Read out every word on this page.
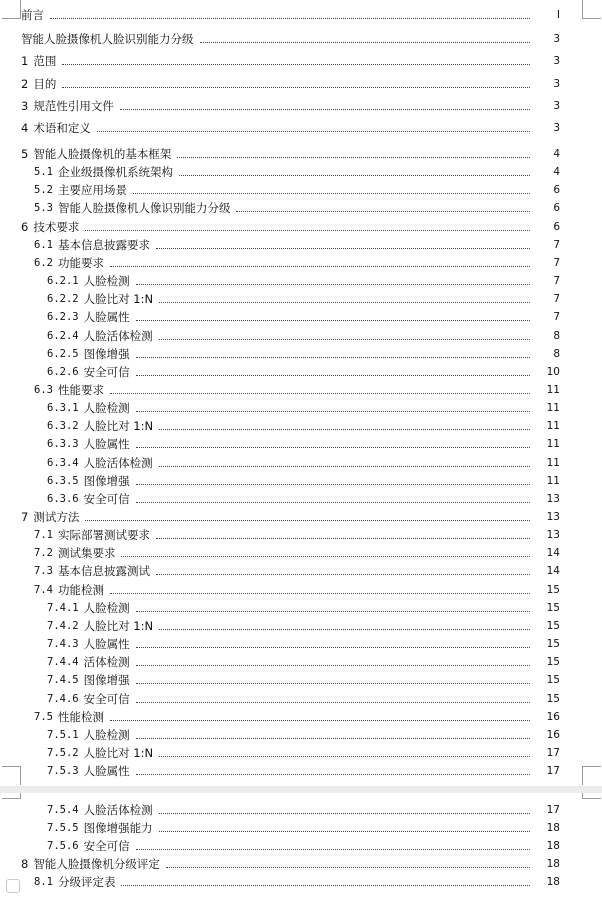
前言	I
智能人脸摄像机人脸识别能力分级	3
1 范围	3
2 目的	3
3 规范性引用文件	3
4 术语和定义	3
5 智能人脸摄像机的基本框架	4
5.1 企业级摄像机系统架构	4
5.2 主要应用场景	6
5.3 智能人脸摄像机人像识别能力分级	6
6 技术要求	6
6.1 基本信息披露要求	7
6.2 功能要求	7
6.2.1 人脸检测	7
6.2.2 人脸比对 1:N	7
6.2.3 人脸属性	7
6.2.4 人脸活体检测	8
6.2.5 图像增强	8
6.2.6 安全可信	10
6.3 性能要求	11
6.3.1 人脸检测	11
6.3.2 人脸比对 1:N	11
6.3.3 人脸属性	11
6.3.4 人脸活体检测	11
6.3.5 图像增强	11
6.3.6 安全可信	13
7 测试方法	13
7.1 实际部署测试要求	13
7.2 测试集要求	14
7.3 基本信息披露测试	14
7.4 功能检测	15
7.4.1 人脸检测	15
7.4.2 人脸比对 1:N	15
7.4.3 人脸属性	15
7.4.4 活体检测	15
7.4.5 图像增强	15
7.4.6 安全可信	15
7.5 性能检测	16
7.5.1 人脸检测	16
7.5.2 人脸比对 1:N	17
7.5.3 人脸属性	17
7.5.4 人脸活体检测	17
7.5.5 图像增强能力	18
7.5.6 安全可信	18
8 智能人脸摄像机分级评定	18
8.1 分级评定表	18
